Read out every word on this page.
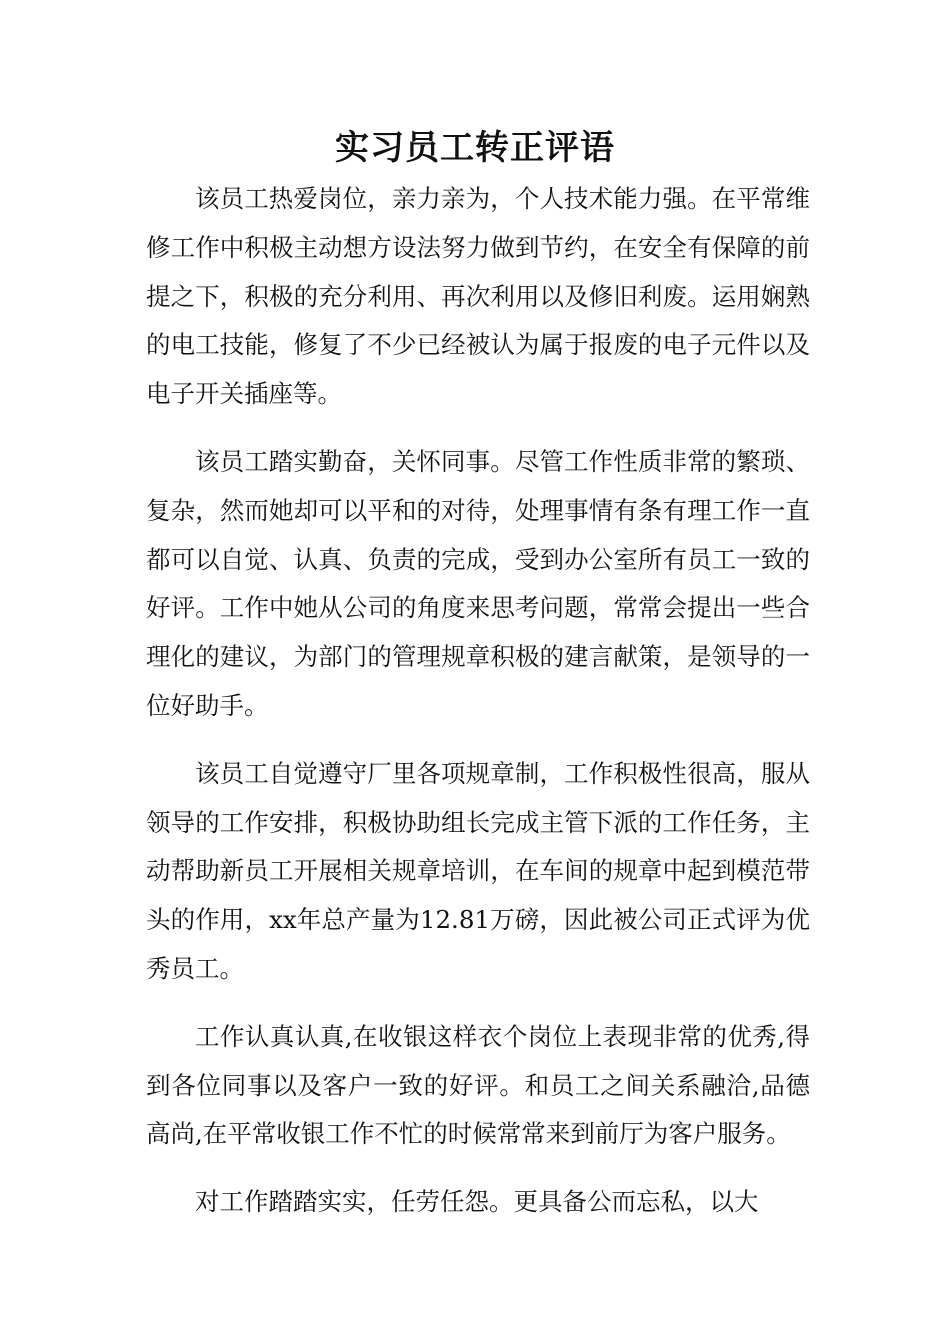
实习员工转正评语

该员工热爱岗位，亲力亲为，个人技术能力强。在平常维修工作中积极主动想方设法努力做到节约，在安全有保障的前提之下，积极的充分利用、再次利用以及修旧利废。运用娴熟的电工技能，修复了不少已经被认为属于报废的电子元件以及电子开关插座等。

该员工踏实勤奋，关怀同事。尽管工作性质非常的繁琐、复杂，然而她却可以平和的对待，处理事情有条有理工作一直都可以自觉、认真、负责的完成，受到办公室所有员工一致的好评。工作中她从公司的角度来思考问题，常常会提出一些合理化的建议，为部门的管理规章积极的建言献策，是领导的一位好助手。

该员工自觉遵守厂里各项规章制，工作积极性很高，服从领导的工作安排，积极协助组长完成主管下派的工作任务，主动帮助新员工开展相关规章培训，在车间的规章中起到模范带头的作用，xx年总产量为12.81万磅，因此被公司正式评为优秀员工。

工作认真认真,在收银这样衣个岗位上表现非常的优秀,得到各位同事以及客户一致的好评。和员工之间关系融洽,品德高尚,在平常收银工作不忙的时候常常来到前厅为客户服务。

对工作踏踏实实，任劳任怨。更具备公而忘私，以大
